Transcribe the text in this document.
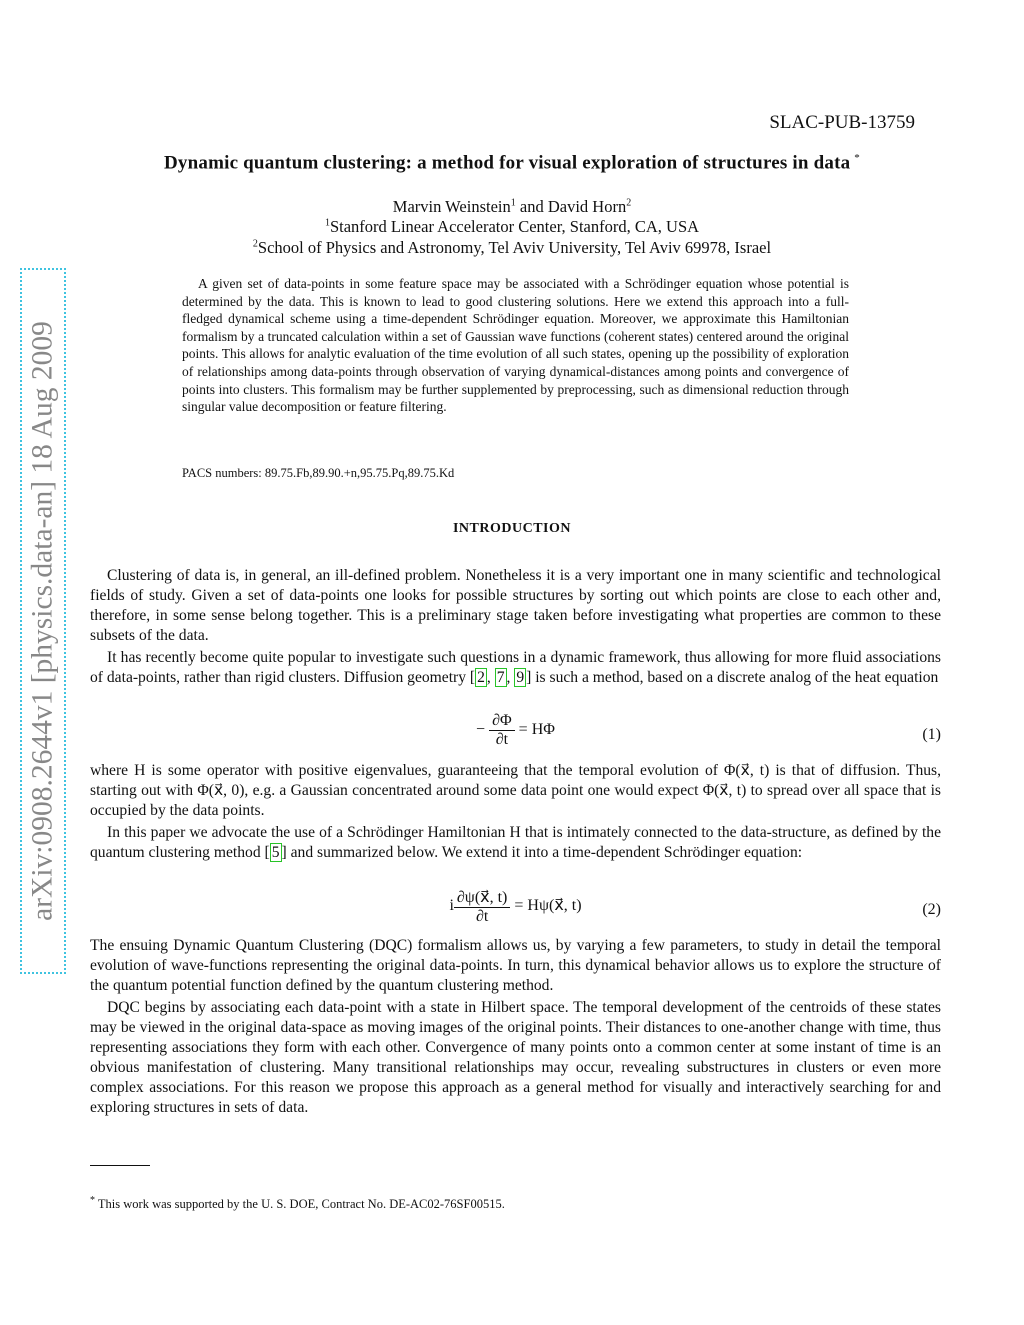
arXiv:0908.2644v1 [physics.data-an] 18 Aug 2009
SLAC-PUB-13759
Dynamic quantum clustering: a method for visual exploration of structures in data *
Marvin Weinstein$^1$ and David Horn$^2$
$^1$Stanford Linear Accelerator Center, Stanford, CA, USA
$^2$School of Physics and Astronomy, Tel Aviv University, Tel Aviv 69978, Israel

A given set of data-points in some feature space may be associated with a Schrödinger equation whose potential is determined by the data. This is known to lead to good clustering solutions. Here we extend this approach into a full-fledged dynamical scheme using a time-dependent Schrödinger equation. Moreover, we approximate this Hamiltonian formalism by a truncated calculation within a set of Gaussian wave functions (coherent states) centered around the original points. This allows for analytic evaluation of the time evolution of all such states, opening up the possibility of exploration of relationships among data-points through observation of varying dynamical-distances among points and convergence of points into clusters. This formalism may be further supplemented by preprocessing, such as dimensional reduction through singular value decomposition or feature filtering.

PACS numbers: 89.75.Fb,89.90.+n,95.75.Pq,89.75.Kd
INTRODUCTION

Clustering of data is, in general, an ill-defined problem. Nonetheless it is a very important one in many scientific and technological fields of study. Given a set of data-points one looks for possible structures by sorting out which points are close to each other and, therefore, in some sense belong together. This is a preliminary stage taken before investigating what properties are common to these subsets of the data.

It has recently become quite popular to investigate such questions in a dynamic framework, thus allowing for more fluid associations of data-points, rather than rigid clusters. Diffusion geometry [ 2 , 7 , 9 ] is such a method, based on a discrete analog of the heat equation

− $\frac{\partial\Phi}{\partial t} = H\Phi$	(1)

where H is some operator with positive eigenvalues, guaranteeing that the temporal evolution of Φ(x⃗, t) is that of diffusion. Thus, starting out with Φ(x⃗, 0), e.g. a Gaussian concentrated around some data point one would expect Φ(x⃗, t) to spread over all space that is occupied by the data points.

In this paper we advocate the use of a Schrödinger Hamiltonian H that is intimately connected to the data-structure, as defined by the quantum clustering method [ 5 ] and summarized below. We extend it into a time-dependent Schrödinger equation:

i $\frac{\partial\psi(x⃗, t)}{\partial t}$ = Hψ(x⃗, t)	(2)

The ensuing Dynamic Quantum Clustering (DQC) formalism allows us, by varying a few parameters, to study in detail the temporal evolution of wave-functions representing the original data-points. In turn, this dynamical behavior allows us to explore the structure of the quantum potential function defined by the quantum clustering method.

DQC begins by associating each data-point with a state in Hilbert space. The temporal development of the centroids of these states may be viewed in the original data-space as moving images of the original points. Their distances to one-another change with time, thus representing associations they form with each other. Convergence of many points onto a common center at some instant of time is an obvious manifestation of clustering. Many transitional relationships may occur, revealing substructures in clusters or even more complex associations. For this reason we propose this approach as a general method for visually and interactively searching for and exploring structures in sets of data.

* This work was supported by the U. S. DOE, Contract No. DE-AC02-76SF00515.
